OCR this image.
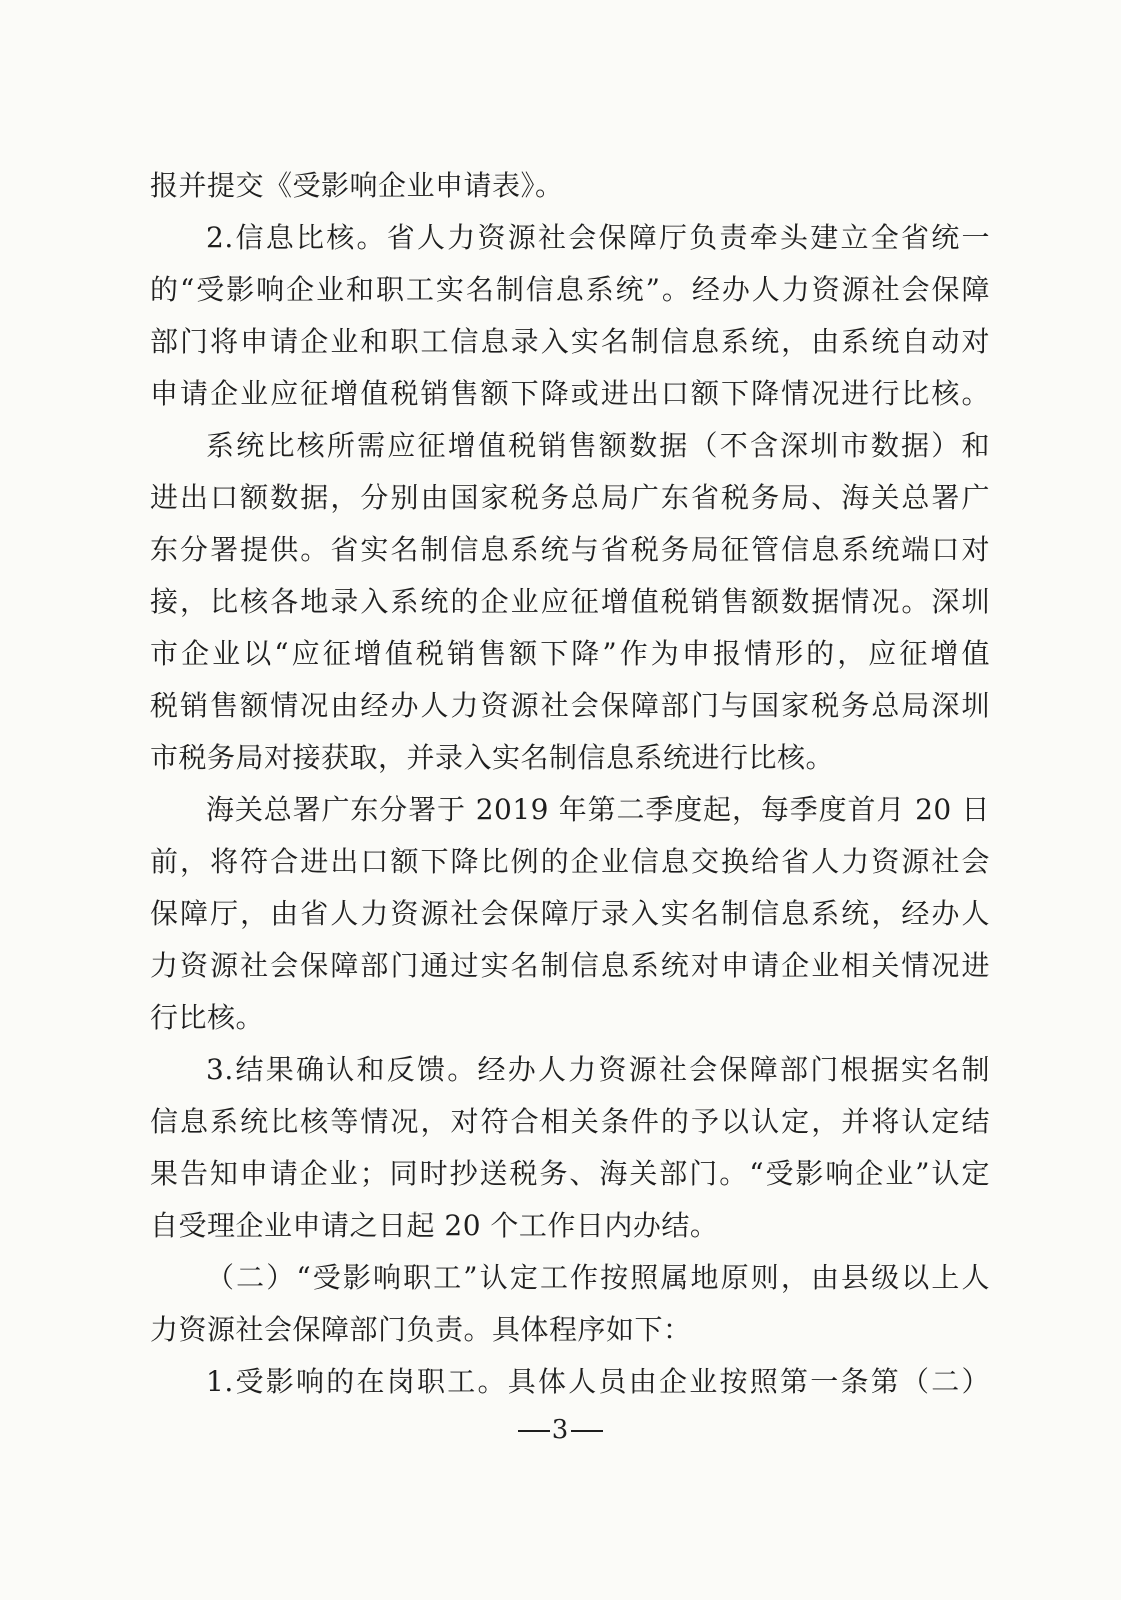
报并提交《受影响企业申请表》。
2.信息比核。省人力资源社会保障厅负责牵头建立全省统一
的“受影响企业和职工实名制信息系统”。经办人力资源社会保障
部门将申请企业和职工信息录入实名制信息系统，由系统自动对
申请企业应征增值税销售额下降或进出口额下降情况进行比核。
系统比核所需应征增值税销售额数据（不含深圳市数据）和
进出口额数据，分别由国家税务总局广东省税务局、海关总署广
东分署提供。省实名制信息系统与省税务局征管信息系统端口对
接，比核各地录入系统的企业应征增值税销售额数据情况。深圳
市企业以“应征增值税销售额下降”作为申报情形的，应征增值
税销售额情况由经办人力资源社会保障部门与国家税务总局深圳
市税务局对接获取，并录入实名制信息系统进行比核。
海关总署广东分署于 2019 年第二季度起，每季度首月 20 日
前，将符合进出口额下降比例的企业信息交换给省人力资源社会
保障厅，由省人力资源社会保障厅录入实名制信息系统，经办人
力资源社会保障部门通过实名制信息系统对申请企业相关情况进
行比核。
3.结果确认和反馈。经办人力资源社会保障部门根据实名制
信息系统比核等情况，对符合相关条件的予以认定，并将认定结
果告知申请企业；同时抄送税务、海关部门。“受影响企业”认定
自受理企业申请之日起 20 个工作日内办结。
（二）“受影响职工”认定工作按照属地原则，由县级以上人
力资源社会保障部门负责。具体程序如下：
1.受影响的在岗职工。具体人员由企业按照第一条第（二）
3
